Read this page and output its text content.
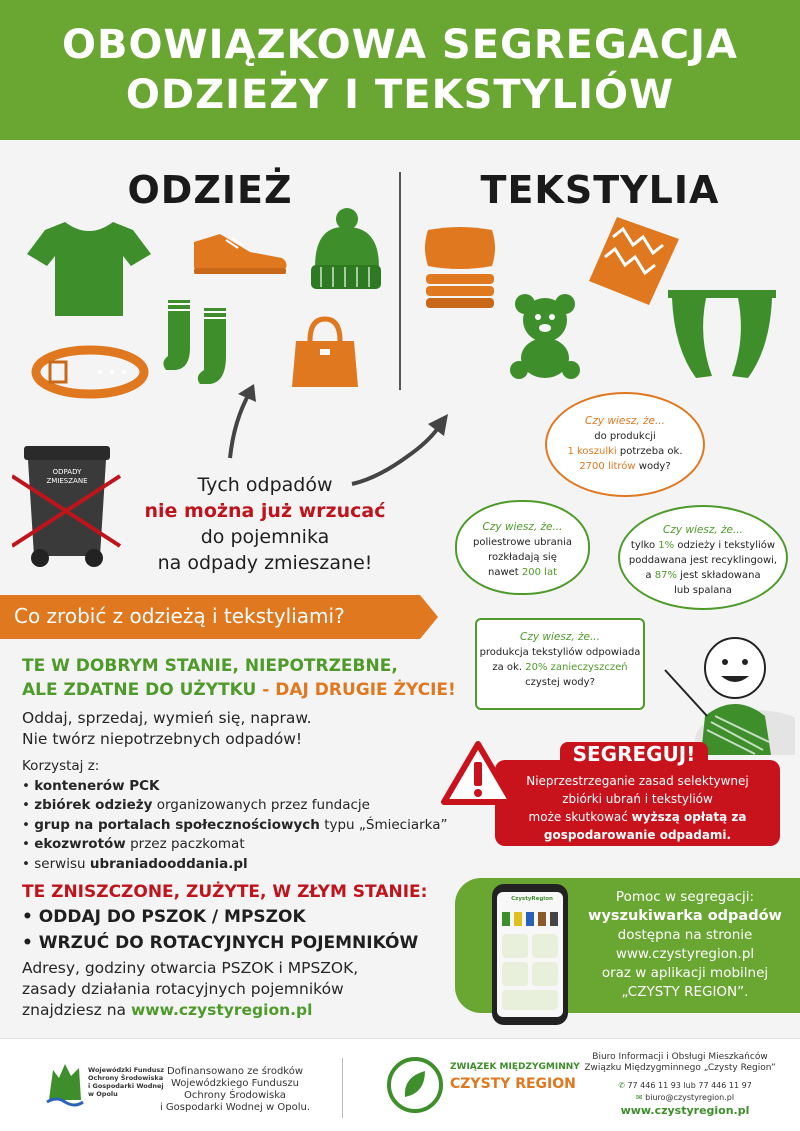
OBOWIĄZKOWA SEGREGACJA
ODZIEŻY I TEKSTYLIÓW
ODZIEŻ	TEKSTYLIA
ODPADY
ZMIESZANE	Tych odpadów
nie można już wrzucać
do pojemnika
na odpady zmieszane!
Czy wiesz, że...
do produkcji
1 koszulki potrzeba ok.
2700 litrów wody?
Czy wiesz, że...
poliestrowe ubrania
rozkładają się
nawet 200 lat
Czy wiesz, że...
tylko 1% odzieży i tekstyliów
poddawana jest recyklingowi,
a 87% jest składowana
lub spalana
Czy wiesz, że...
produkcja tekstyliów odpowiada
za ok. 20% zanieczyszczeń
czystej wody?
Co zrobić z odzieżą i tekstyliami?
TE W DOBRYM STANIE, NIEPOTRZEBNE,
ALE ZDATNE DO UŻYTKU - DAJ DRUGIE ŻYCIE!
Oddaj, sprzedaj, wymień się, napraw.
Nie twórz niepotrzebnych odpadów!
Korzystaj z:
• kontenerów PCK
• zbiórek odzieży organizowanych przez fundacje
• grup na portalach społecznościowych typu „Śmieciarka”
• ekozwrotów przez paczkomat
• serwisu ubraniadooddania.pl
TE ZNISZCZONE, ZUŻYTE, W ZŁYM STANIE:
• ODDAJ DO PSZOK / MPSZOK
• WRZUĆ DO ROTACYJNYCH POJEMNIKÓW
Adresy, godziny otwarcia PSZOK i MPSZOK,
zasady działania rotacyjnych pojemników
znajdziesz na www.czystyregion.pl
SEGREGUJ!
Nieprzestrzeganie zasad selektywnej
zbiórki ubrań i tekstyliów
może skutkować wyższą opłatą za
gospodarowanie odpadami.
CzystyRegion	Pomoc w segregacji:
wyszukiwarka odpadów
dostępna na stronie
www.czystyregion.pl
oraz w aplikacji mobilnej
„CZYSTY REGION”.
Wojewódzki Fundusz
Ochrony Środowiska
i Gospodarki Wodnej
w Opolu
Dofinansowano ze środków
Wojewódzkiego Funduszu
Ochrony Środowiska
i Gospodarki Wodnej w Opolu.
ZWIĄZEK MIĘDZYGMINNY
CZYSTY REGION
Biuro Informacji i Obsługi Mieszkańców
Związku Międzygminnego „Czysty Region”
✆ 77 446 11 93 lub 77 446 11 97
✉ biuro@czystyregion.pl
www.czystyregion.pl
